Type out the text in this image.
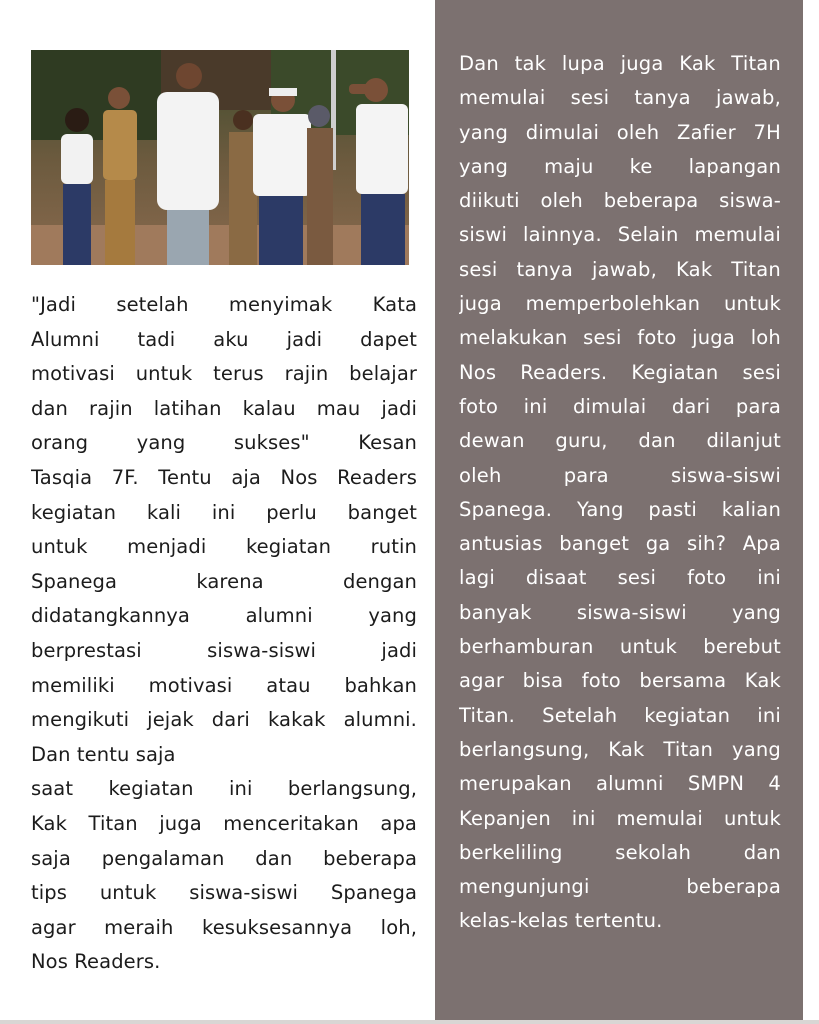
"Jadi setelah menyimak Kata
Alumni tadi aku jadi dapet
motivasi untuk terus rajin belajar
dan rajin latihan kalau mau jadi
orang yang sukses" Kesan
Tasqia 7F. Tentu aja Nos Readers
kegiatan kali ini perlu banget
untuk menjadi kegiatan rutin
Spanega karena dengan
didatangkannya alumni yang
berprestasi siswa-siswi jadi
memiliki motivasi atau bahkan
mengikuti jejak dari kakak alumni.
Dan tentu saja
saat kegiatan ini berlangsung,
Kak Titan juga menceritakan apa
saja pengalaman dan beberapa
tips untuk siswa-siswi Spanega
agar meraih kesuksesannya loh,
Nos Readers.
Dan tak lupa juga Kak Titan
memulai sesi tanya jawab,
yang dimulai oleh Zafier 7H
yang maju ke lapangan
diikuti oleh beberapa siswa-
siswi lainnya. Selain memulai
sesi tanya jawab, Kak Titan
juga memperbolehkan untuk
melakukan sesi foto juga loh
Nos Readers. Kegiatan sesi
foto ini dimulai dari para
dewan guru, dan dilanjut
oleh para siswa-siswi
Spanega. Yang pasti kalian
antusias banget ga sih? Apa
lagi disaat sesi foto ini
banyak siswa-siswi yang
berhamburan untuk berebut
agar bisa foto bersama Kak
Titan. Setelah kegiatan ini
berlangsung, Kak Titan yang
merupakan alumni SMPN 4
Kepanjen ini memulai untuk
berkeliling sekolah dan
mengunjungi beberapa
kelas-kelas tertentu.
